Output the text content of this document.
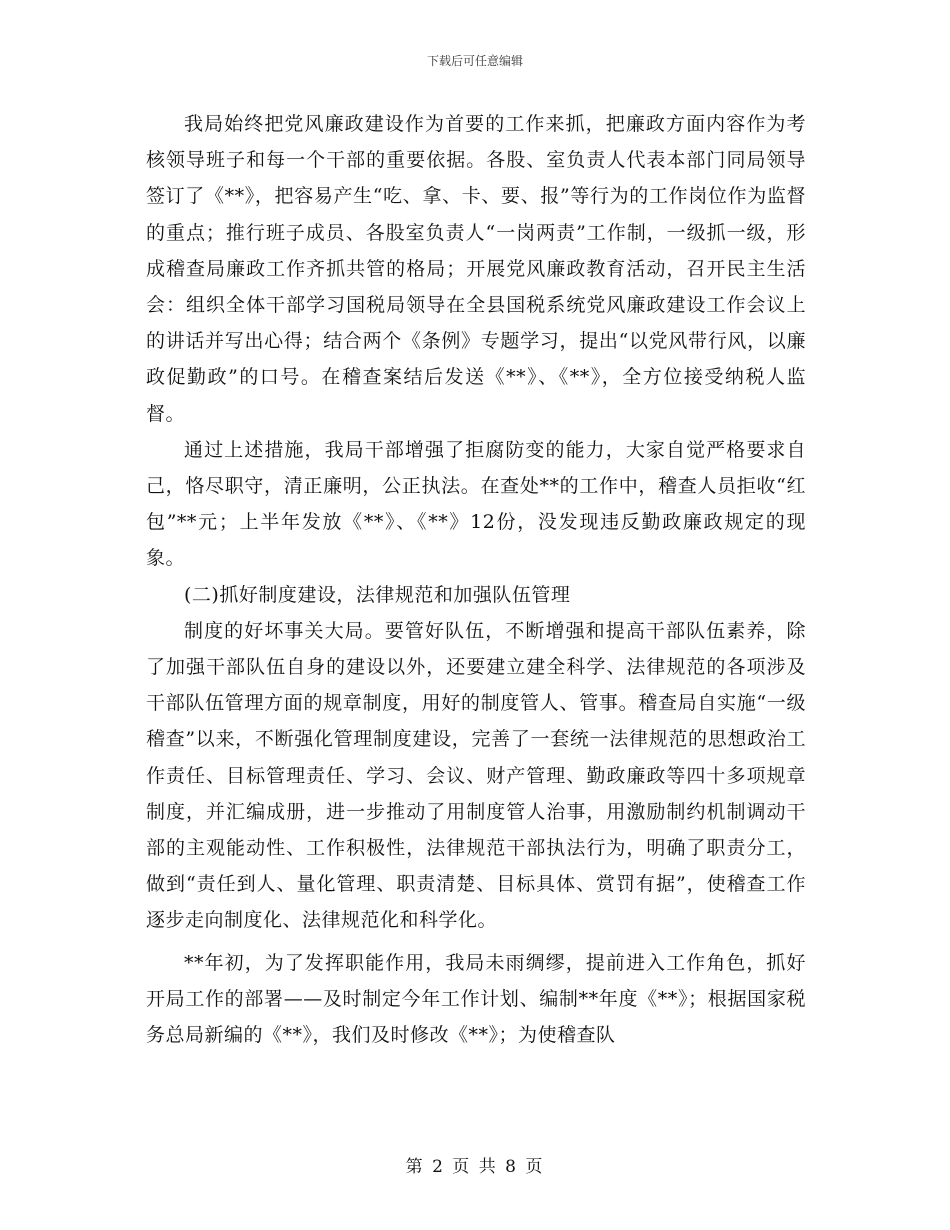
下载后可任意编辑

我局始终把党风廉政建设作为首要的工作来抓，把廉政方面内容作为考核领导班子和每一个干部的重要依据。各股、室负责人代表本部门同局领导签订了《**》，把容易产生“吃、拿、卡、要、报”等行为的工作岗位作为监督的重点；推行班子成员、各股室负责人“一岗两责”工作制，一级抓一级，形成稽查局廉政工作齐抓共管的格局；开展党风廉政教育活动，召开民主生活会：组织全体干部学习国税局领导在全县国税系统党风廉政建设工作会议上的讲话并写出心得；结合两个《条例》专题学习，提出“以党风带行风，以廉政促勤政”的口号。在稽查案结后发送《**》、《**》，全方位接受纳税人监督。

通过上述措施，我局干部增强了拒腐防变的能力，大家自觉严格要求自己，恪尽职守，清正廉明，公正执法。在查处**的工作中，稽查人员拒收“红包”**元；上半年发放《**》、《**》12份，没发现违反勤政廉政规定的现象。

(二)抓好制度建设，法律规范和加强队伍管理

制度的好坏事关大局。要管好队伍，不断增强和提高干部队伍素养，除了加强干部队伍自身的建设以外，还要建立建全科学、法律规范的各项涉及干部队伍管理方面的规章制度，用好的制度管人、管事。稽查局自实施“一级稽查”以来，不断强化管理制度建设，完善了一套统一法律规范的思想政治工作责任、目标管理责任、学习、会议、财产管理、勤政廉政等四十多项规章制度，并汇编成册，进一步推动了用制度管人治事，用激励制约机制调动干部的主观能动性、工作积极性，法律规范干部执法行为，明确了职责分工，做到“责任到人、量化管理、职责清楚、目标具体、赏罚有据”，使稽查工作逐步走向制度化、法律规范化和科学化。

**年初，为了发挥职能作用，我局未雨绸缪，提前进入工作角色，抓好开局工作的部署——及时制定今年工作计划、编制**年度《**》；根据国家税务总局新编的《**》，我们及时修改《**》；为使稽查队

第 2 页 共 8 页
